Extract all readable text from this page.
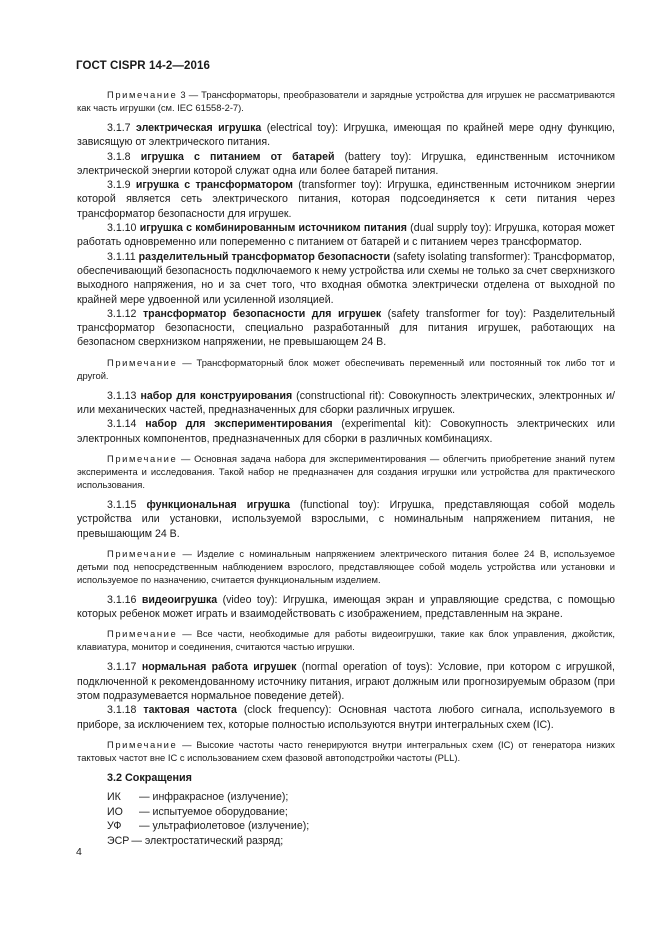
ГОСТ CISPR 14-2—2016

Примечание 3 — Трансформаторы, преобразователи и зарядные устройства для игрушек не рассматриваются как часть игрушки (см. IEC 61558-2-7).

3.1.7 электрическая игрушка (electrical toy): Игрушка, имеющая по крайней мере одну функцию, зависящую от электрического питания.

3.1.8 игрушка с питанием от батарей (battery toy): Игрушка, единственным источником электрической энергии которой служат одна или более батарей питания.

3.1.9 игрушка с трансформатором (transformer toy): Игрушка, единственным источником энергии которой является сеть электрического питания, которая подсоединяется к сети питания через трансформатор безопасности для игрушек.

3.1.10 игрушка с комбинированным источником питания (dual supply toy): Игрушка, которая может работать одновременно или попеременно с питанием от батарей и с питанием через трансформатор.

3.1.11 разделительный трансформатор безопасности (safety isolating transformer): Трансформатор, обеспечивающий безопасность подключаемого к нему устройства или схемы не только за счет сверхнизкого выходного напряжения, но и за счет того, что входная обмотка электрически отделена от выходной по крайней мере удвоенной или усиленной изоляцией.

3.1.12 трансформатор безопасности для игрушек (safety transformer for toy): Разделительный трансформатор безопасности, специально разработанный для питания игрушек, работающих на безопасном сверхнизком напряжении, не превышающем 24 В.

Примечание — Трансформаторный блок может обеспечивать переменный или постоянный ток либо тот и другой.

3.1.13 набор для конструирования (constructional rit): Совокупность электрических, электронных и/или механических частей, предназначенных для сборки различных игрушек.

3.1.14 набор для экспериментирования (experimental kit): Совокупность электрических или электронных компонентов, предназначенных для сборки в различных комбинациях.

Примечание — Основная задача набора для экспериментирования — облегчить приобретение знаний путем эксперимента и исследования. Такой набор не предназначен для создания игрушки или устройства для практического использования.

3.1.15 функциональная игрушка (functional toy): Игрушка, представляющая собой модель устройства или установки, используемой взрослыми, с номинальным напряжением питания, не превышающим 24 В.

Примечание — Изделие с номинальным напряжением электрического питания более 24 В, используемое детьми под непосредственным наблюдением взрослого, представляющее собой модель устройства или установки и используемое по назначению, считается функциональным изделием.

3.1.16 видеоигрушка (video toy): Игрушка, имеющая экран и управляющие средства, с помощью которых ребенок может играть и взаимодействовать с изображением, представленным на экране.

Примечание — Все части, необходимые для работы видеоигрушки, такие как блок управления, джойстик, клавиатура, монитор и соединения, считаются частью игрушки.

3.1.17 нормальная работа игрушек (normal operation of toys): Условие, при котором с игрушкой, подключенной к рекомендованному источнику питания, играют должным или прогнозируемым образом (при этом подразумевается нормальное поведение детей).

3.1.18 тактовая частота (clock frequency): Основная частота любого сигнала, используемого в приборе, за исключением тех, которые полностью используются внутри интегральных схем (IC).

Примечание — Высокие частоты часто генерируются внутри интегральных схем (IC) от генератора низких тактовых частот вне IC с использованием схем фазовой автоподстройки частоты (PLL).

3.2 Сокращения
ИК	— инфракрасное (излучение);
ИО	— испытуемое оборудование;
УФ	— ультрафиолетовое (излучение);
ЭСР — электростатический разряд;
4
